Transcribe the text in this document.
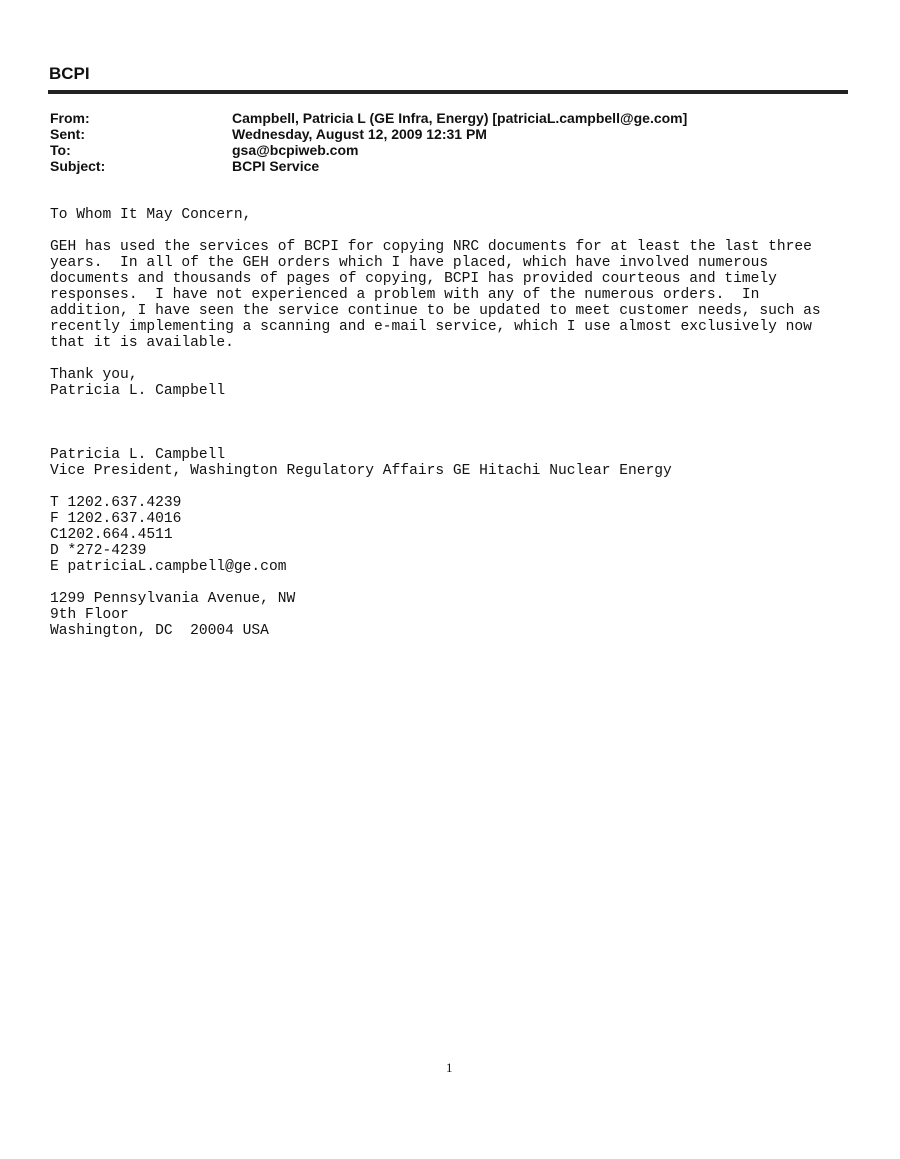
BCPI
From:	Campbell, Patricia L (GE Infra, Energy) [patriciaL.campbell@ge.com]
Sent:	Wednesday, August 12, 2009 12:31 PM
To:	gsa@bcpiweb.com
Subject:	BCPI Service
To Whom It May Concern,
GEH has used the services of BCPI for copying NRC documents for at least the last three
years.  In all of the GEH orders which I have placed, which have involved numerous
documents and thousands of pages of copying, BCPI has provided courteous and timely
responses.  I have not experienced a problem with any of the numerous orders.  In
addition, I have seen the service continue to be updated to meet customer needs, such as
recently implementing a scanning and e-mail service, which I use almost exclusively now
that it is available.
Thank you,
Patricia L. Campbell
Patricia L. Campbell
Vice President, Washington Regulatory Affairs GE Hitachi Nuclear Energy
T 1202.637.4239
F 1202.637.4016
C1202.664.4511
D *272-4239
E patriciaL.campbell@ge.com
1299 Pennsylvania Avenue, NW
9th Floor
Washington, DC  20004 USA
1
